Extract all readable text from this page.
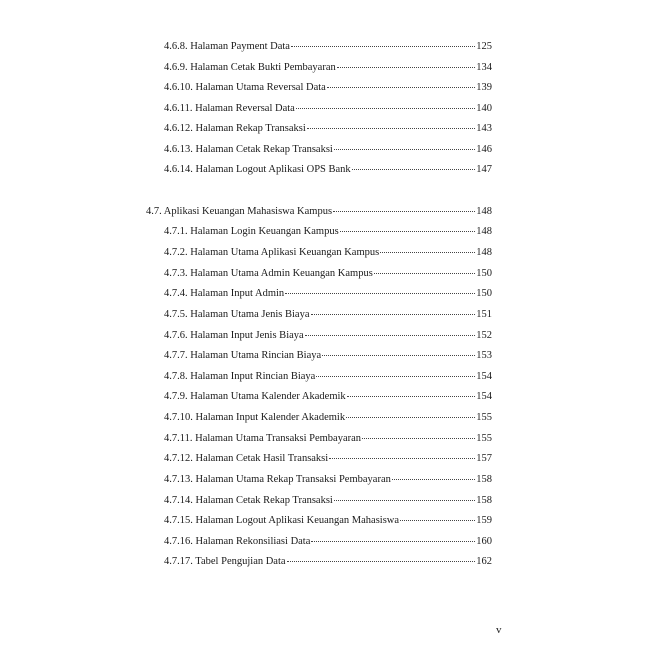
4.6.8. Halaman Payment Data	125
4.6.9. Halaman Cetak Bukti Pembayaran	134
4.6.10. Halaman Utama Reversal Data	139
4.6.11. Halaman Reversal Data	140
4.6.12. Halaman Rekap Transaksi	143
4.6.13. Halaman Cetak Rekap Transaksi	146
4.6.14. Halaman Logout Aplikasi OPS Bank	147
4.7. Aplikasi Keuangan Mahasiswa Kampus	148
4.7.1. Halaman Login Keuangan Kampus	148
4.7.2. Halaman Utama Aplikasi Keuangan Kampus	148
4.7.3. Halaman Utama Admin Keuangan Kampus	150
4.7.4. Halaman Input Admin	150
4.7.5. Halaman Utama Jenis Biaya	151
4.7.6. Halaman Input Jenis Biaya	152
4.7.7. Halaman Utama Rincian Biaya	153
4.7.8. Halaman Input Rincian Biaya	154
4.7.9. Halaman Utama Kalender Akademik	154
4.7.10. Halaman Input Kalender Akademik	155
4.7.11. Halaman Utama Transaksi Pembayaran	155
4.7.12. Halaman Cetak Hasil Transaksi	157
4.7.13. Halaman Utama Rekap Transaksi Pembayaran	158
4.7.14. Halaman Cetak Rekap Transaksi	158
4.7.15. Halaman Logout Aplikasi Keuangan Mahasiswa	159
4.7.16. Halaman Rekonsiliasi Data	160
4.7.17. Tabel Pengujian Data	162
v
